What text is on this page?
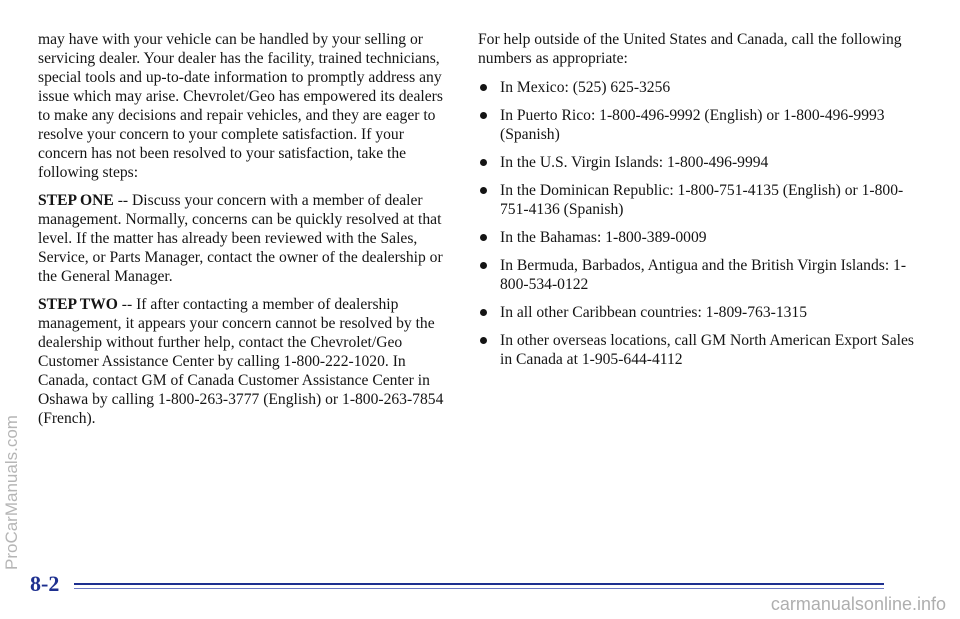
may have with your vehicle can be handled by your selling or servicing dealer. Your dealer has the facility, trained technicians, special tools and up-to-date information to promptly address any issue which may arise. Chevrolet/Geo has empowered its dealers to make any decisions and repair vehicles, and they are eager to resolve your concern to your complete satisfaction. If your concern has not been resolved to your satisfaction, take the following steps:

STEP ONE -- Discuss your concern with a member of dealer management. Normally, concerns can be quickly resolved at that level. If the matter has already been reviewed with the Sales, Service, or Parts Manager, contact the owner of the dealership or the General Manager.

STEP TWO -- If after contacting a member of dealership management, it appears your concern cannot be resolved by the dealership without further help, contact the Chevrolet/Geo Customer Assistance Center by calling 1-800-222-1020. In Canada, contact GM of Canada Customer Assistance Center in Oshawa by calling 1-800-263-3777 (English) or 1-800-263-7854 (French).

For help outside of the United States and Canada, call the following numbers as appropriate:

In Mexico: (525) 625-3256
In Puerto Rico: 1-800-496-9992 (English) or 1-800-496-9993 (Spanish)
In the U.S. Virgin Islands: 1-800-496-9994
In the Dominican Republic: 1-800-751-4135 (English) or 1-800-751-4136 (Spanish)
In the Bahamas: 1-800-389-0009
In Bermuda, Barbados, Antigua and the British Virgin Islands: 1-800-534-0122
In all other Caribbean countries: 1-809-763-1315
In other overseas locations, call GM North American Export Sales in Canada at 1-905-644-4112
8-2
ProCarManuals.com
carmanualsonline.info
